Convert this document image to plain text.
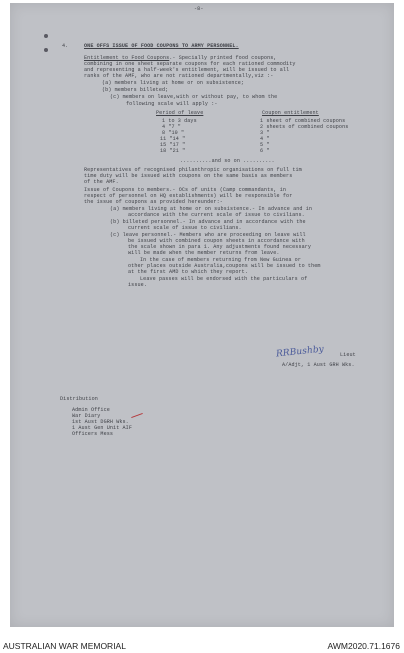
-8-
4.	ONE OFFS ISSUE OF FOOD COUPONS TO ARMY PERSONNEL.
Entitlement to Food Coupons.- Specially printed food coupons,
combining in one sheet separate coupons for each rationed commodity
and representing a half-week's entitlement, will be issued to all
ranks of the AMF, who are not rationed departmentally,viz :-
(a) members living at home or on subsistence;
(b) members billeted;
(c) members on leave,with or without pay, to whom the
following scale will apply :-
Period of leave	Coupon entitlement
1 to 3 days	1 sheet of combined coupons
4 "7 "	2 sheets of combined coupons
8 "10 "	3 "
11 "14 "	4 "
15 "17 "	5 "
18 "21 "	6 "
..........and so on ..........
Representatives of recognised philanthropic organisations on full tim
time duty will be issued with coupons on the same basis as members
of the AMF.
Issue of Coupons to members.- OCs of units (Camp commandants, in
respect of personnel on HQ establishments) will be responsible for
the issue of coupons as provided hereunder:-
(a) members living at home or on subsistence.- In advance and in
accordance with the current scale of issue to civilians.
(b) billeted personnel.- In advance and in accordance with the
current scale of issue to civilians.
(c) leave personnel.- Members who are proceeding on leave will
be issued with combined coupon sheets in accordance with
the scale shown in para 1. Any adjustments found necessary
will be made when the member returns from leave.
In the case of members returning from New Guinea or
other places outside Australia,coupons will be issued to them
at the first AMD to which they report.
Leave passes will be endorsed with the particulars of
issue.
RRBushby	Lieut
A/Adjt, 1 Aust GRH Wks.
Distribution
Admin Office
War Diary
1st Aust DGRH Wks.
1 Aust Gen Unit AIF
Officers Mess
AUSTRALIAN WAR MEMORIAL	AWM2020.71.1676
